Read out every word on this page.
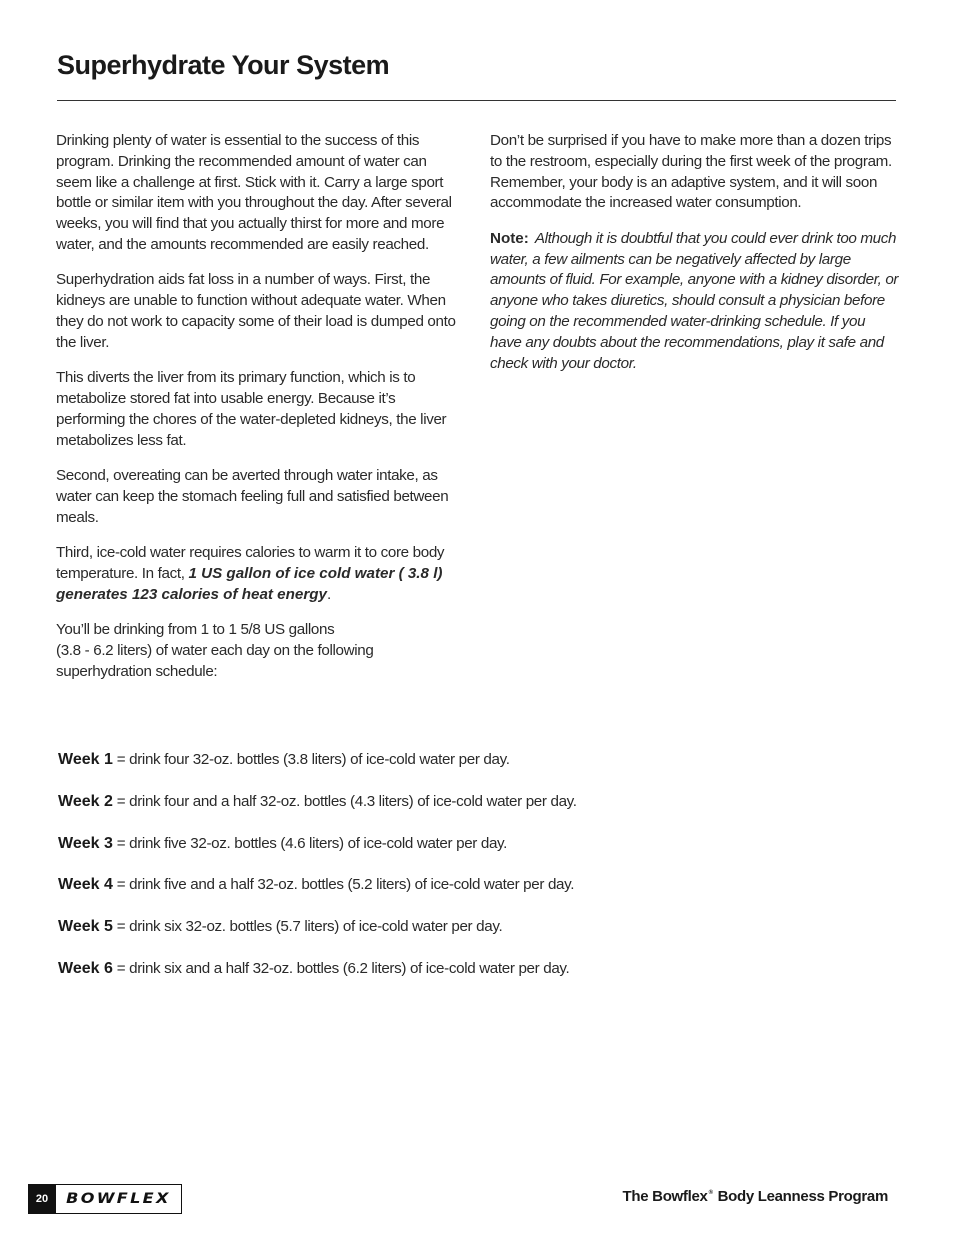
Superhydrate Your System

Drinking plenty of water is essential to the success of this program. Drinking the recommended amount of water can seem like a challenge at first. Stick with it. Carry a large sport bottle or similar item with you throughout the day. After several weeks, you will find that you actually thirst for more and more water, and the amounts recommended are easily reached.

Superhydration aids fat loss in a number of ways. First, the kidneys are unable to function without adequate water. When they do not work to capacity some of their load is dumped onto the liver.

This diverts the liver from its primary function, which is to metabolize stored fat into usable energy. Because it’s performing the chores of the water-depleted kidneys, the liver metabolizes less fat.

Second, overeating can be averted through water intake, as water can keep the stomach feeling full and satisfied between meals.

Third, ice-cold water requires calories to warm it to core body temperature. In fact, 1 US gallon of ice cold water ( 3.8 l) generates 123 calories of heat energy.

You’ll be drinking from 1 to 1 5/8 US gallons
(3.8 - 6.2 liters) of water each day on the following superhydration schedule:

Don’t be surprised if you have to make more than a dozen trips to the restroom, especially during the first week of the program. Remember, your body is an adaptive system, and it will soon accommodate the increased water consumption.

Note: Although it is doubtful that you could ever drink too much water, a few ailments can be negatively affected by large amounts of fluid. For example, anyone with a kidney disorder, or anyone who takes diuretics, should consult a physician before going on the recommended water-drinking schedule. If you have any doubts about the recommendations, play it safe and check with your doctor.

Week 1 = drink four 32-oz. bottles (3.8 liters) of ice-cold water per day.
Week 2 = drink four and a half 32-oz. bottles (4.3 liters) of ice-cold water per day.
Week 3 = drink five 32-oz. bottles (4.6 liters) of ice-cold water per day.
Week 4 = drink five and a half 32-oz. bottles (5.2 liters) of ice-cold water per day.
Week 5 = drink six 32-oz. bottles (5.7 liters) of ice-cold water per day.
Week 6 = drink six and a half 32-oz. bottles (6.2 liters) of ice-cold water per day.
20	BOWFLEX	The Bowflex® Body Leanness Program
